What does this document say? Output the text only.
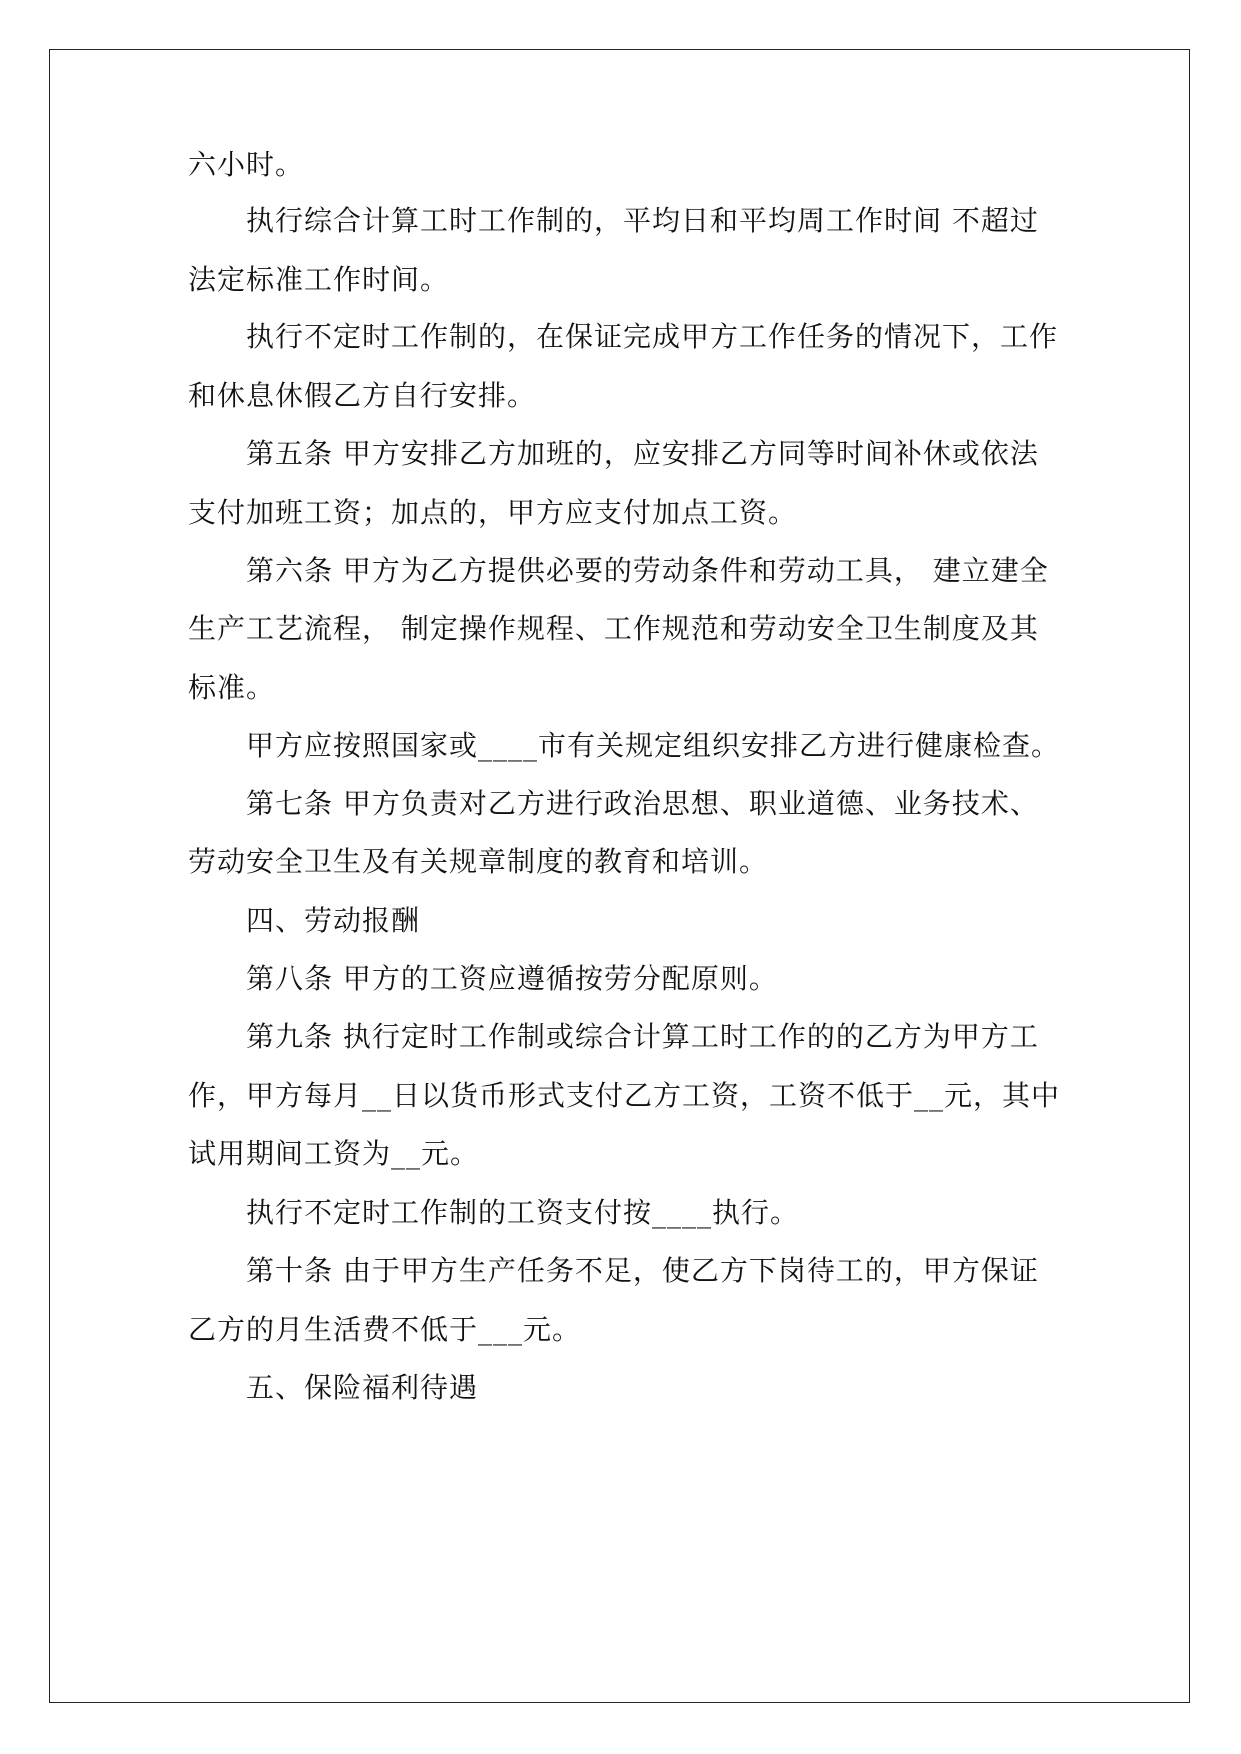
六小时。
执行综合计算工时工作制的，平均日和平均周工作时间 不超过
法定标准工作时间。
执行不定时工作制的，在保证完成甲方工作任务的情况下，工作
和休息休假乙方自行安排。
第五条 甲方安排乙方加班的，应安排乙方同等时间补休或依法
支付加班工资；加点的，甲方应支付加点工资。
第六条 甲方为乙方提供必要的劳动条件和劳动工具， 建立建全
生产工艺流程， 制定操作规程、工作规范和劳动安全卫生制度及其
标准。
甲方应按照国家或____市有关规定组织安排乙方进行健康检查。
第七条 甲方负责对乙方进行政治思想、职业道德、业务技术、
劳动安全卫生及有关规章制度的教育和培训。
四、劳动报酬
第八条 甲方的工资应遵循按劳分配原则。
第九条 执行定时工作制或综合计算工时工作的的乙方为甲方工
作，甲方每月__日以货币形式支付乙方工资，工资不低于__元，其中
试用期间工资为__元。
执行不定时工作制的工资支付按____执行。
第十条 由于甲方生产任务不足，使乙方下岗待工的，甲方保证
乙方的月生活费不低于___元。
五、保险福利待遇
